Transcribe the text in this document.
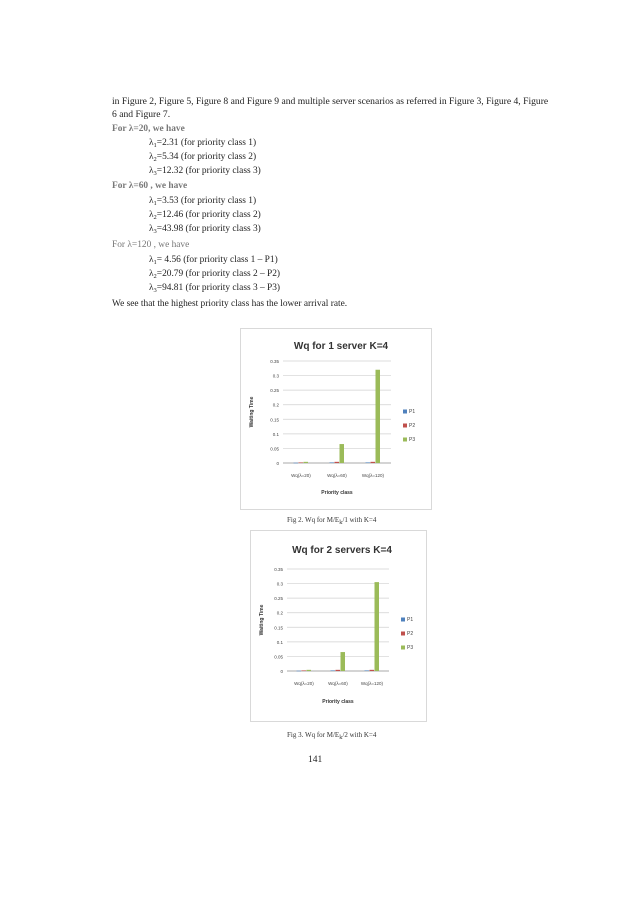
in Figure 2, Figure 5, Figure 8 and Figure 9 and multiple server scenarios as referred in Figure 3, Figure 4, Figure 6 and Figure 7.
For λ=20, we have
$\lambda_1=2.31$ (for priority class 1)
$\lambda_2=5.34$ (for priority class 2)
$\lambda_3=12.32$ (for priority class 3)
For λ=60 , we have
$\lambda_1=3.53$ (for priority class 1)
$\lambda_2=12.46$ (for priority class 2)
$\lambda_3=43.98$ (for priority class 3)
For λ=120 , we have
$\lambda_1= 4.56$ (for priority class 1 – P1)
$\lambda_2=20.79$ (for priority class 2 – P2)
$\lambda_3=94.81$ (for priority class 3 – P3)
We see that the highest priority class has the lower arrival rate.
Wq for 1 server K=4
0.35
0.3
0.25
0.2
0.15
0.1
0.05
0
Waiting Time
Wq(λ=20)	Wq(λ=60)	Wq(λ=120)
Priority class
P1
P2
P3
Fig 2. Wq for M/Ek/1 with K=4
Wq for 2 servers K=4
0.35
0.3
0.25
0.2
0.15
0.1
0.05
0
Waiting Time
Wq(λ=20)	Wq(λ=60)	Wq(λ=120)
Priority class
P1
P2
P3
Fig 3. Wq for M/Ek/2 with K=4
141
